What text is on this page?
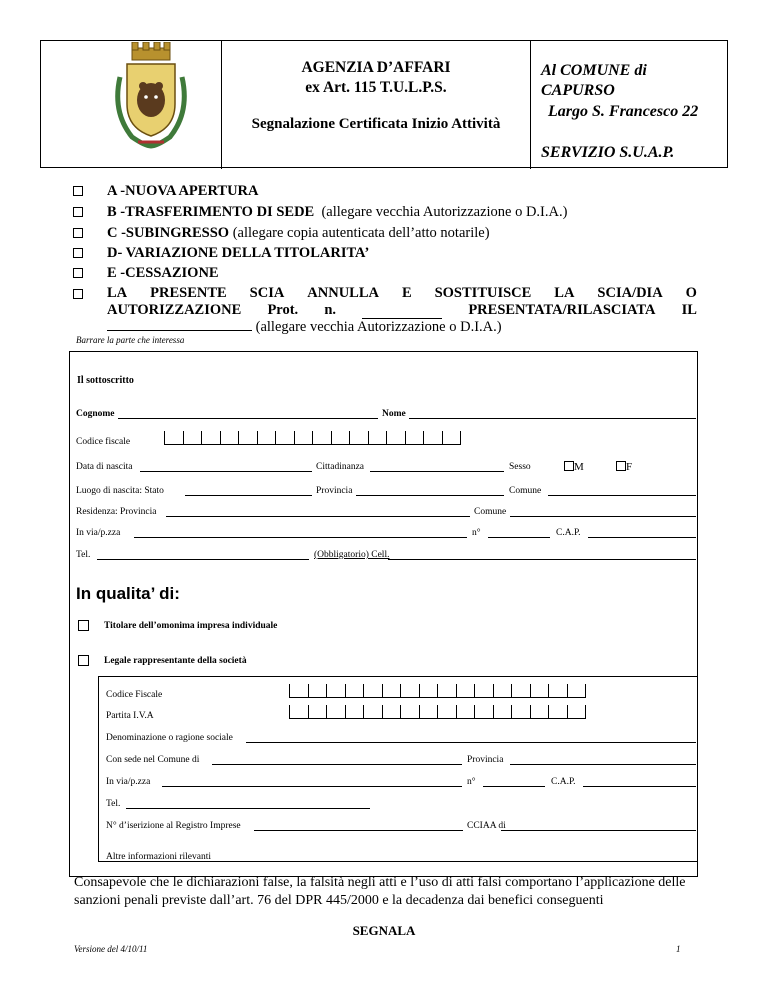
AGENZIA D’AFFARI
ex Art. 115 T.U.L.P.S.
Segnalazione Certificata Inizio Attività
Al COMUNE di
CAPURSO
Largo S. Francesco 22
SERVIZIO S.U.A.P.
A -NUOVA APERTURA
B -TRASFERIMENTO DI SEDE  (allegare vecchia Autorizzazione o D.I.A.)
C -SUBINGRESSO (allegare copia autenticata dell’atto notarile)
D- VARIAZIONE DELLA TITOLARITA’
E -CESSAZIONE
LA PRESENTE SCIA ANNULLA E SOSTITUISCE LA SCIA/DIA O
AUTORIZZAZIONE Prot. n.	PRESENTATA/RILASCIATA IL
(allegare vecchia Autorizzazione o D.I.A.)
Barrare la parte che interessa
Il sottoscritto
Cognome	Nome
Codice fiscale
Data di nascita	Cittadinanza	Sesso	M	F
Luogo di nascita: Stato	Provincia	Comune
Residenza: Provincia	Comune
In via/p.zza	n°	C.A.P.
Tel.	(Obbligatorio) Cell.
In qualita’ di:
Titolare dell’omonima impresa individuale
Legale rappresentante della società
Codice Fiscale
Partita I.V.A
Denominazione o ragione sociale
Con sede nel Comune di	Provincia
In via/p.zza	n°	C.A.P.
Tel.
N° d’iserizione al Registro Imprese	CCIAA di
Altre informazioni rilevanti
Consapevole che le dichiarazioni false, la falsità negli atti e l’uso di atti falsi comportano l’applicazione delle sanzioni penali previste dall’art. 76 del DPR 445/2000 e la decadenza dai benefici conseguenti
SEGNALA
Versione del 4/10/11	1
